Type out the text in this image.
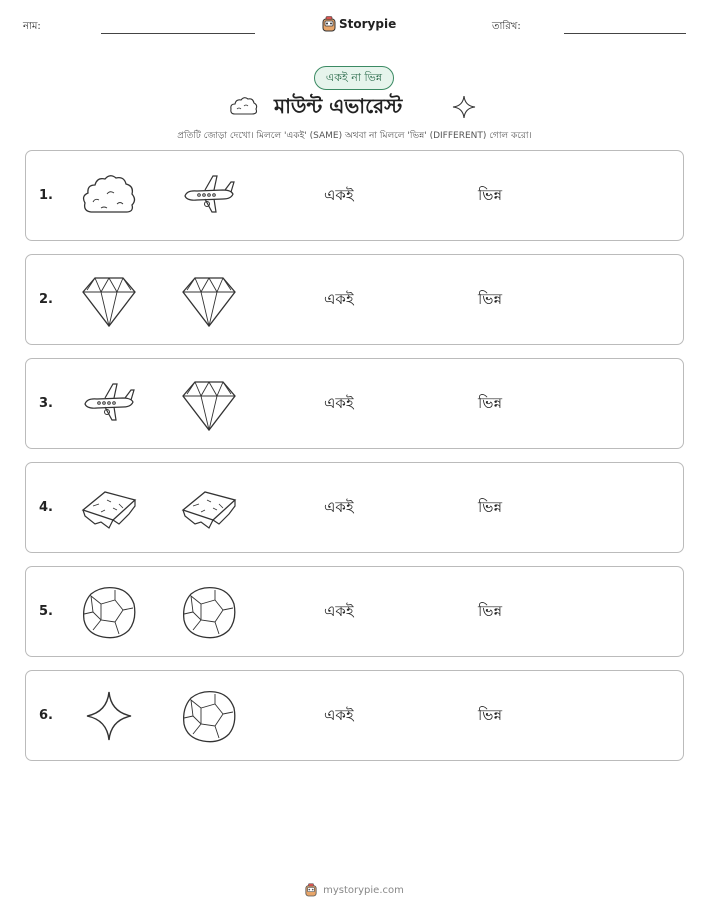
নাম:	Storypie	তারিখ:
একই না ভিন্ন
মাউন্ট এভারেস্ট
প্রতিটি জোড়া দেখো। মিললে 'একই' (SAME) অথবা না মিললে 'ভিন্ন' (DIFFERENT) গোল করো।
1.	একই	ভিন্ন
2.	একই	ভিন্ন
3.	একই	ভিন্ন
4.	একই	ভিন্ন
5.	একই	ভিন্ন
6.	একই	ভিন্ন
mystorypie.com
